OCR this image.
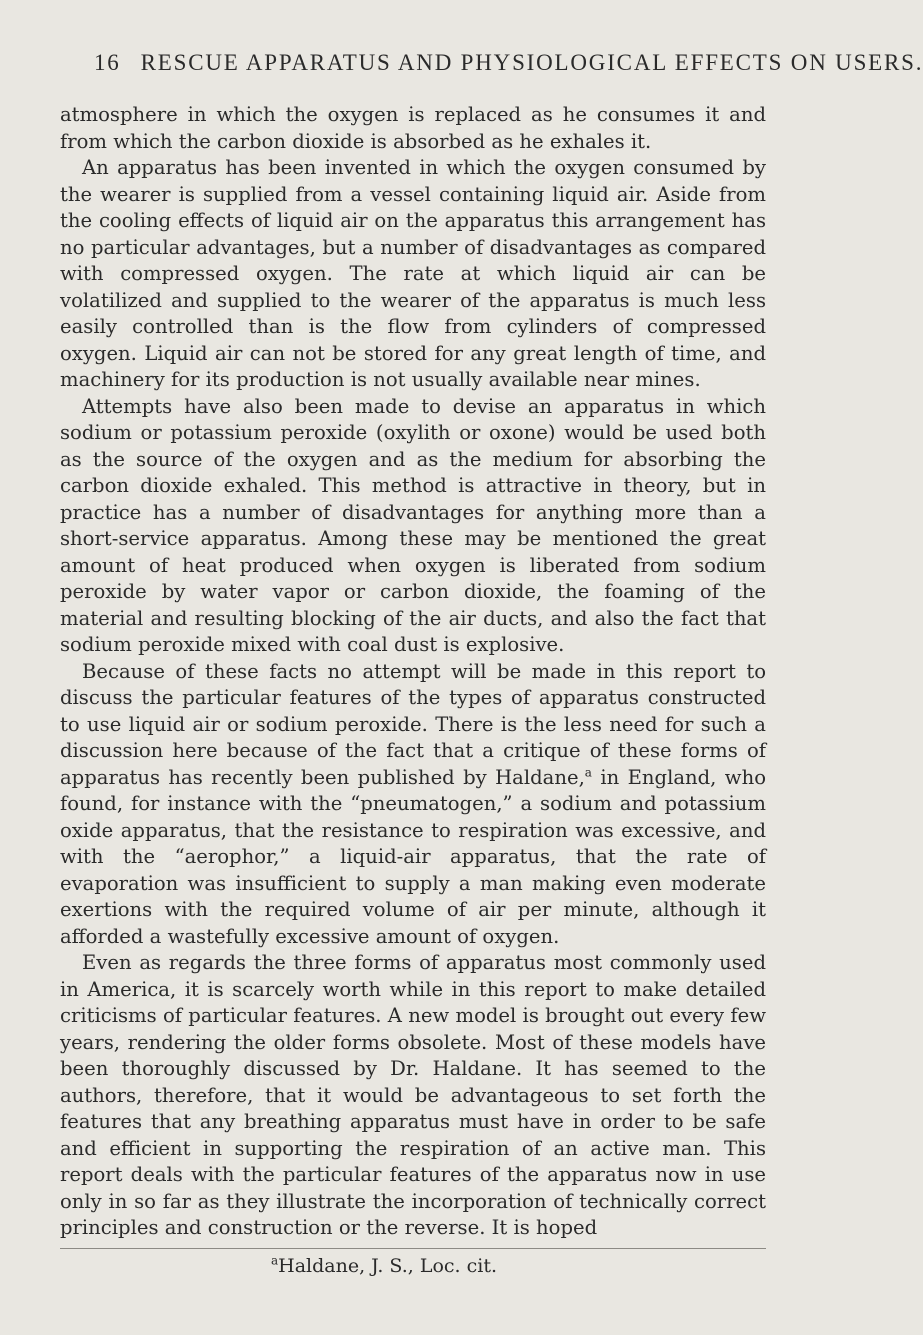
16 RESCUE APPARATUS AND PHYSIOLOGICAL EFFECTS ON USERS.

atmosphere in which the oxygen is replaced as he consumes it and from which the carbon dioxide is absorbed as he exhales it.

An apparatus has been invented in which the oxygen consumed by the wearer is supplied from a vessel containing liquid air. Aside from the cooling effects of liquid air on the apparatus this arrangement has no particular advantages, but a number of disadvantages as compared with compressed oxygen. The rate at which liquid air can be volatilized and supplied to the wearer of the apparatus is much less easily controlled than is the flow from cylinders of compressed oxygen. Liquid air can not be stored for any great length of time, and machinery for its production is not usually available near mines.

Attempts have also been made to devise an apparatus in which sodium or potassium peroxide (oxylith or oxone) would be used both as the source of the oxygen and as the medium for absorbing the carbon dioxide exhaled. This method is attractive in theory, but in practice has a number of disadvantages for anything more than a short-service apparatus. Among these may be mentioned the great amount of heat produced when oxygen is liberated from sodium peroxide by water vapor or carbon dioxide, the foaming of the material and resulting blocking of the air ducts, and also the fact that sodium peroxide mixed with coal dust is explosive.

Because of these facts no attempt will be made in this report to discuss the particular features of the types of apparatus constructed to use liquid air or sodium peroxide. There is the less need for such a discussion here because of the fact that a critique of these forms of apparatus has recently been published by Haldane,$^a$ in England, who found, for instance with the “pneumatogen,” a sodium and potassium oxide apparatus, that the resistance to respiration was excessive, and with the “aerophor,” a liquid-air apparatus, that the rate of evaporation was insufficient to supply a man making even moderate exertions with the required volume of air per minute, although it afforded a wastefully excessive amount of oxygen.

Even as regards the three forms of apparatus most commonly used in America, it is scarcely worth while in this report to make detailed criticisms of particular features. A new model is brought out every few years, rendering the older forms obsolete. Most of these models have been thoroughly discussed by Dr. Haldane. It has seemed to the authors, therefore, that it would be advantageous to set forth the features that any breathing apparatus must have in order to be safe and efficient in supporting the respiration of an active man. This report deals with the particular features of the apparatus now in use only in so far as they illustrate the incorporation of technically correct principles and construction or the reverse. It is hoped

$^a$Haldane, J. S., Loc. cit.
